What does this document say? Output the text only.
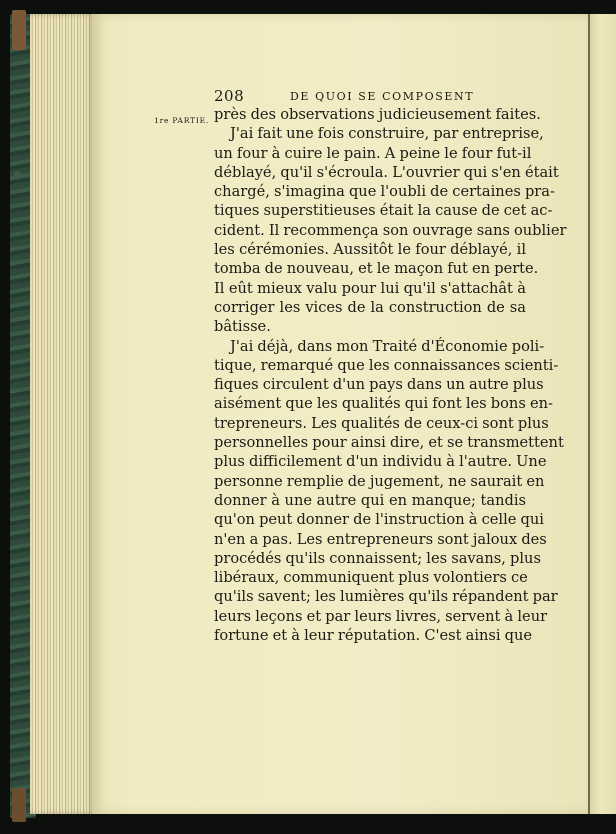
208	DE QUOI SE COMPOSENT
1re PARTIE. près des observations judicieusement faites.
J'ai fait une fois construire, par entreprise,
un four à cuire le pain. A peine le four fut-il
déblayé, qu'il s'écroula. L'ouvrier qui s'en était
chargé, s'imagina que l'oubli de certaines pra-
tiques superstitieuses était la cause de cet ac-
cident. Il recommença son ouvrage sans oublier
les cérémonies. Aussitôt le four déblayé, il
tomba de nouveau, et le maçon fut en perte.
Il eût mieux valu pour lui qu'il s'attachât à
corriger les vices de la construction de sa
bâtisse.
J'ai déjà, dans mon Traité d'Économie poli-
tique, remarqué que les connaissances scienti-
fiques circulent d'un pays dans un autre plus
aisément que les qualités qui font les bons en-
trepreneurs. Les qualités de ceux-ci sont plus
personnelles pour ainsi dire, et se transmettent
plus difficilement d'un individu à l'autre. Une
personne remplie de jugement, ne saurait en
donner à une autre qui en manque; tandis
qu'on peut donner de l'instruction à celle qui
n'en a pas. Les entrepreneurs sont jaloux des
procédés qu'ils connaissent; les savans, plus
libéraux, communiquent plus volontiers ce
qu'ils savent; les lumières qu'ils répandent par
leurs leçons et par leurs livres, servent à leur
fortune et à leur réputation. C'est ainsi que
